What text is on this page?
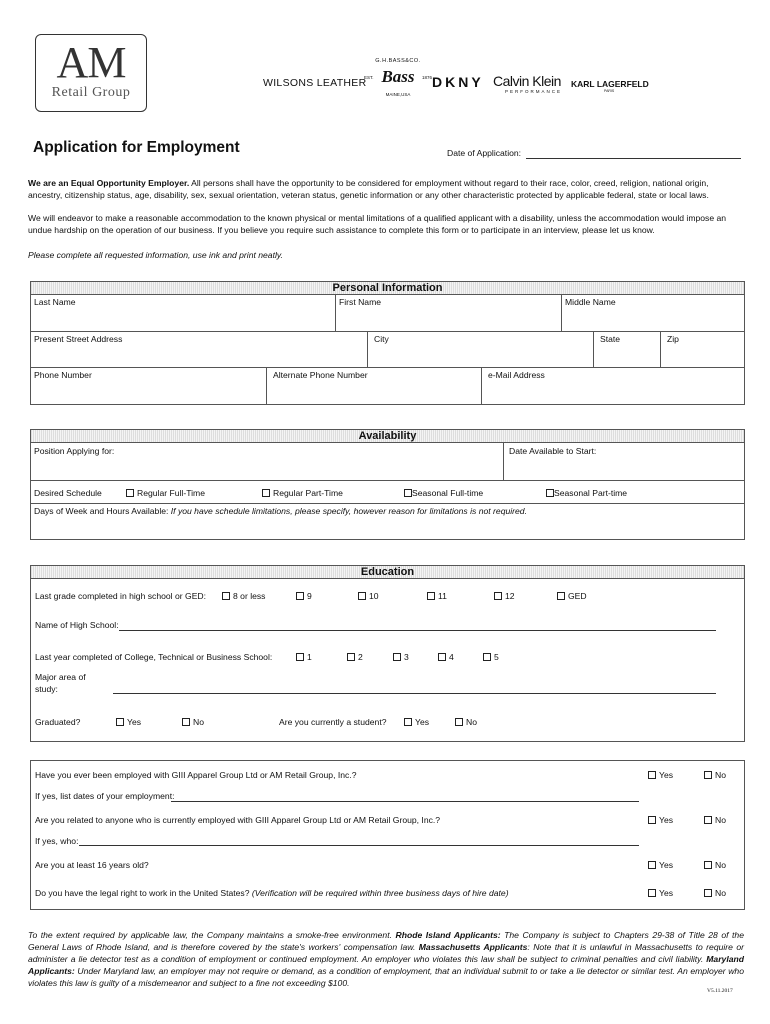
AM
Retail Group
WILSONS LEATHER
G.H.BASS&CO.
Bass
EST.	1876
MAINE,USA
DKNY Calvin Klein
PERFORMANCE
KARL LAGERFELD
PARIS
Application for Employment	Date of Application:
We are an Equal Opportunity Employer. All persons shall have the opportunity to be considered for employment without regard to their race, color, creed, religion, national origin, ancestry, citizenship status, age, disability, sex, sexual orientation, veteran status, genetic information or any other characteristic protected by applicable federal, state or local laws.
We will endeavor to make a reasonable accommodation to the known physical or mental limitations of a qualified applicant with a disability, unless the accommodation would impose an undue hardship on the operation of our business. If you believe you require such assistance to complete this form or to participate in an interview, please let us know.
Please complete all requested information, use ink and print neatly.
Personal Information
Last Name	First Name	Middle Name
Present Street Address	City	State	Zip
Phone Number	Alternate Phone Number	e-Mail Address
Availability
Position Applying for:	Date Available to Start:
Desired Schedule	Regular Full-Time	Regular Part-Time	Seasonal Full-time	Seasonal Part-time
Days of Week and Hours Available: If you have schedule limitations, please specify, however reason for limitations is not required.
Education
Last grade completed in high school or GED:	8 or less	9	10	11	12	GED
Name of High School:
Last year completed of College, Technical or Business School:	1	2	3	4	5
Major area of
study:
Graduated?	Yes	No	Are you currently a student?	Yes	No
Have you ever been employed with GIII Apparel Group Ltd or AM Retail Group, Inc.?	Yes	No
If yes, list dates of your employment:
Are you related to anyone who is currently employed with GIII Apparel Group Ltd or AM Retail Group, Inc.?	Yes	No
If yes, who:
Are you at least 16 years old?	Yes	No
Do you have the legal right to work in the United States? (Verification will be required within three business days of hire date)	Yes	No
To the extent required by applicable law, the Company maintains a smoke-free environment. Rhode Island Applicants: The Company is subject to Chapters 29-38 of Title 28 of the General Laws of Rhode Island, and is therefore covered by the state's workers' compensation law. Massachusetts Applicants: Note that it is unlawful in Massachusetts to require or administer a lie detector test as a condition of employment or continued employment. An employer who violates this law shall be subject to criminal penalties and civil liability. Maryland Applicants: Under Maryland law, an employer may not require or demand, as a condition of employment, that an individual submit to or take a lie detector or similar test. An employer who violates this law is guilty of a misdemeanor and subject to a fine not exceeding $100.
V5.11.2017
